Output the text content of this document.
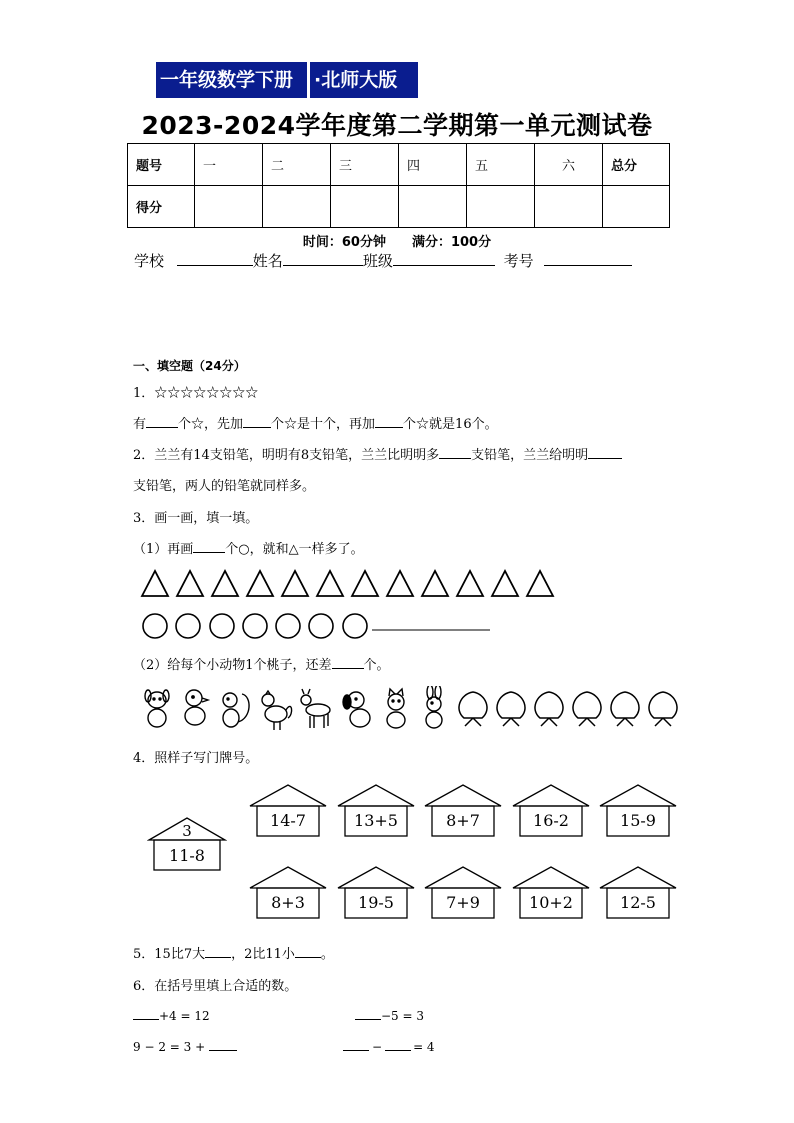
一年级数学下册	·北师大版
2023-2024学年度第二学期第一单元测试卷
题号	一	二	三	四	五	六	总分
得分							
时间：60分钟　　满分：100分
学校	姓名	班级	考号
一、填空题（24分）
1．☆☆☆☆☆☆☆☆
有 个☆，先加 个☆是十个，再加 个☆就是16个。
2．兰兰有14支铅笔，明明有8支铅笔，兰兰比明明多 支铅笔，兰兰给明明
支铅笔，两人的铅笔就同样多。
3．画一画，填一填。
（1）再画 个○，就和△一样多了。
（2）给每个小动物1个桃子，还差 个。
4．照样子写门牌号。
3
11-8
14-7	13+5	8+7	16-2	15-9
8+3	19-5	7+9	10+2	12-5
5．15比7大 ，2比11小 。
6．在括号里填上合适的数。
+4 = 12	−5 = 3
9 − 2 = 3 +	−	= 4
